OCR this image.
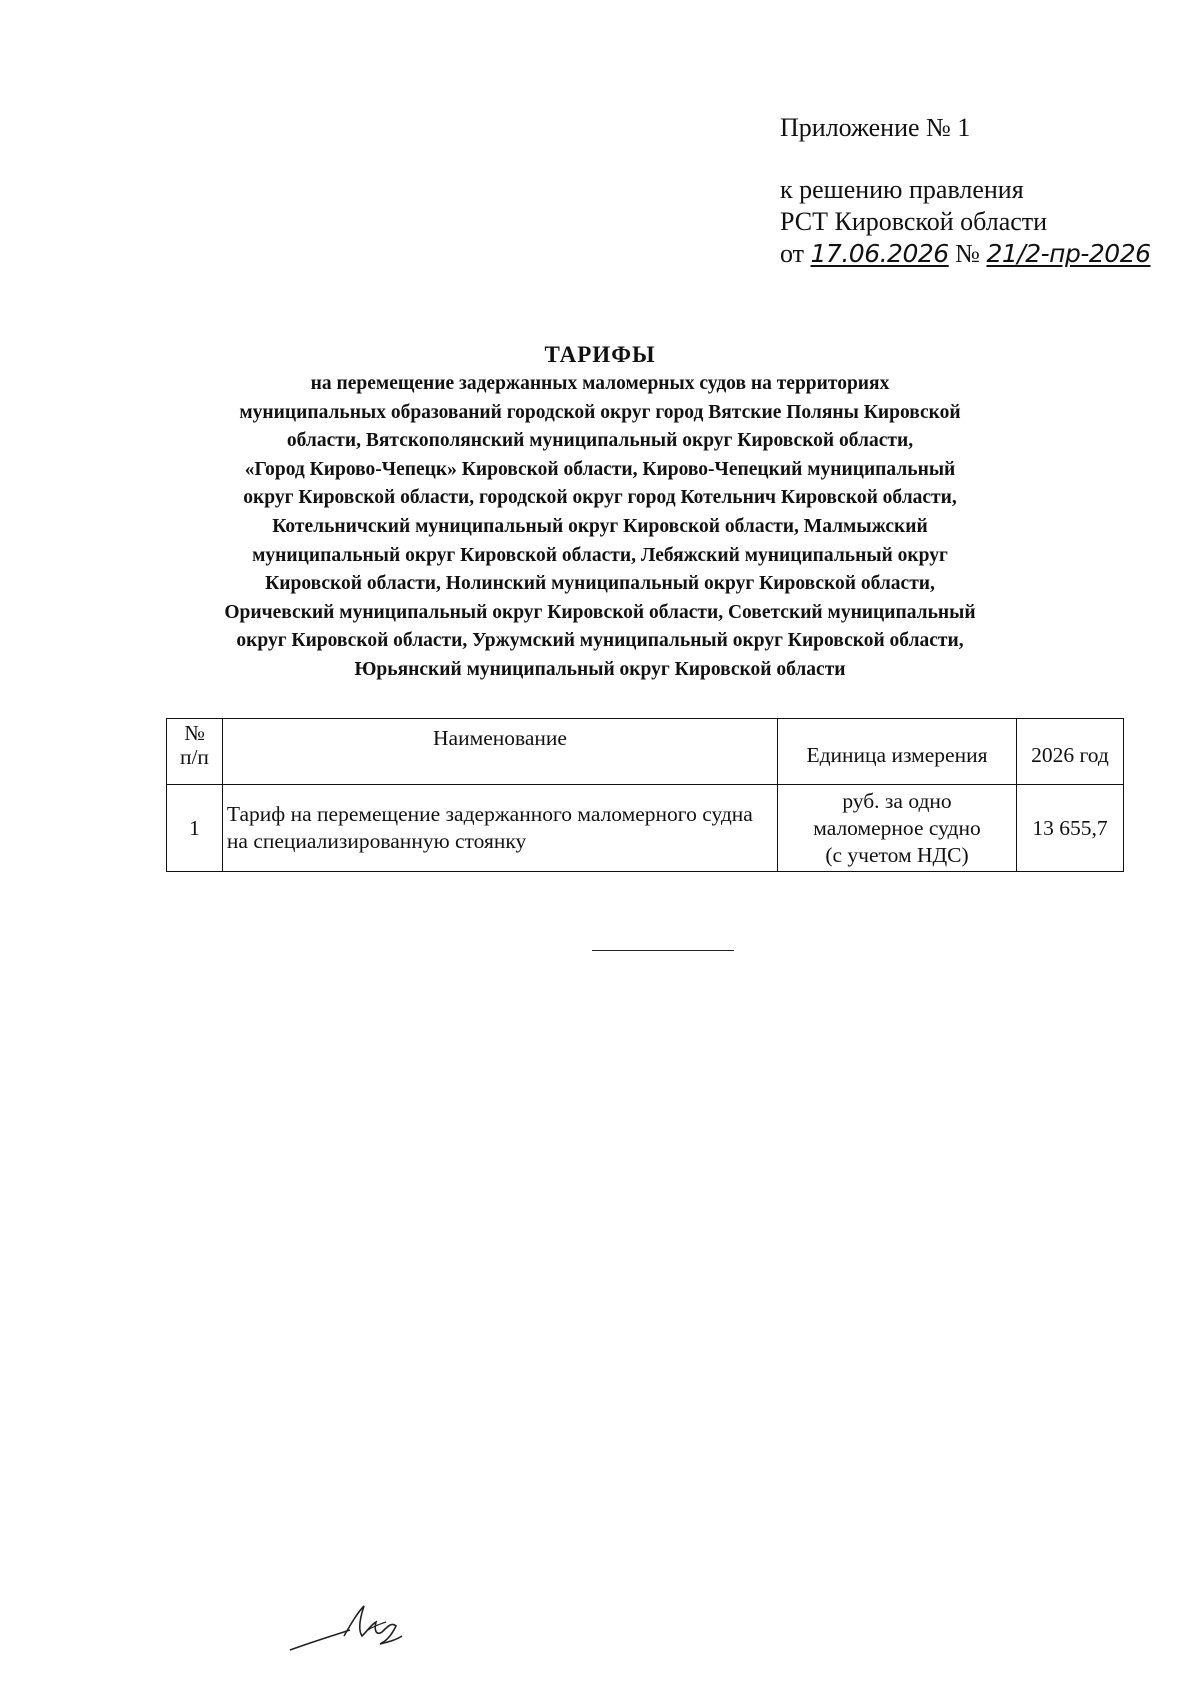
Приложение № 1
к решению правления
РСТ Кировской области
от 17.06.2026 № 21/2-пр-2026
ТАРИФЫ
на перемещение задержанных маломерных судов на территориях
муниципальных образований городской округ город Вятские Поляны Кировской
области, Вятскополянский муниципальный округ Кировской области,
«Город Кирово-Чепецк» Кировской области, Кирово-Чепецкий муниципальный
округ Кировской области, городской округ город Котельнич Кировской области,
Котельничский муниципальный округ Кировской области, Малмыжский
муниципальный округ Кировской области, Лебяжский муниципальный округ
Кировской области, Нолинский муниципальный округ Кировской области,
Оричевский муниципальный округ Кировской области, Советский муниципальный
округ Кировской области, Уржумский муниципальный округ Кировской области,
Юрьянский муниципальный округ Кировской области
№
п/п	Наименование	Единица измерения	2026 год
1	Тариф на перемещение задержанного маломерного судна на специализированную стоянку	руб. за одно
маломерное судно
(с учетом НДС)	13 655,7
